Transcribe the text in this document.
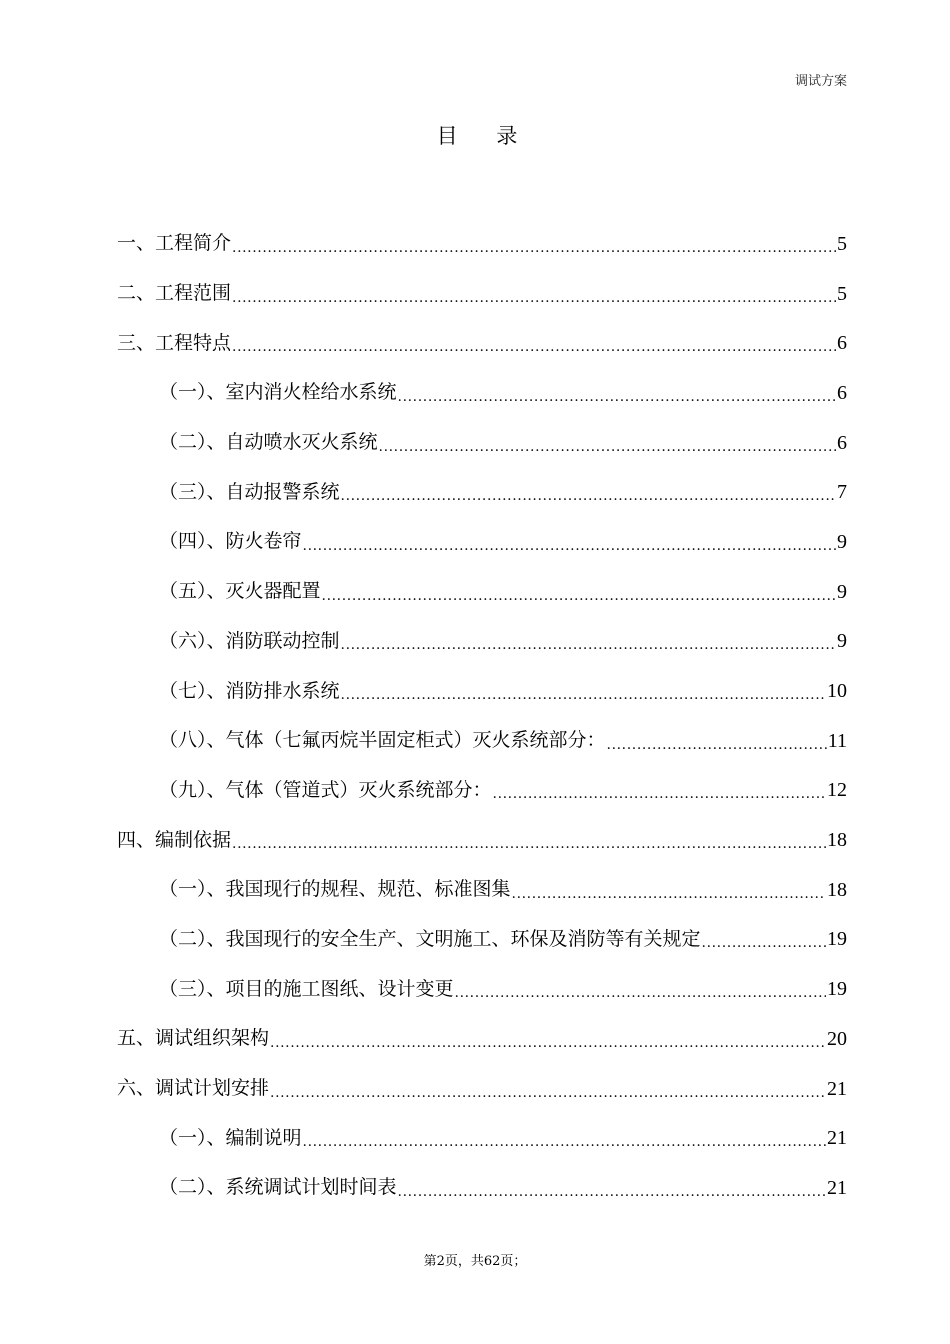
调试方案
目 录
一、工程简介 .....	5
二、工程范围 .....	5
三、工程特点 .....	6
（一）、室内消火栓给水系统 .....	6
（二）、自动喷水灭火系统 .....	6
（三）、自动报警系统 .....	7
（四）、防火卷帘 .....	9
（五）、灭火器配置 .....	9
（六）、消防联动控制 .....	9
（七）、消防排水系统 .....	10
（八）、气体（七氟丙烷半固定柜式）灭火系统部分： .....	11
（九）、气体（管道式）灭火系统部分： .....	12
四、编制依据 .....	18
（一）、我国现行的规程、规范、标准图集 .....	18
（二）、我国现行的安全生产、文明施工、环保及消防等有关规定 .....	19
（三）、项目的施工图纸、设计变更 .....	19
五、调试组织架构 .....	20
六、调试计划安排 .....	21
（一）、编制说明 .....	21
（二）、系统调试计划时间表 .....	21
第2页，共62页；
